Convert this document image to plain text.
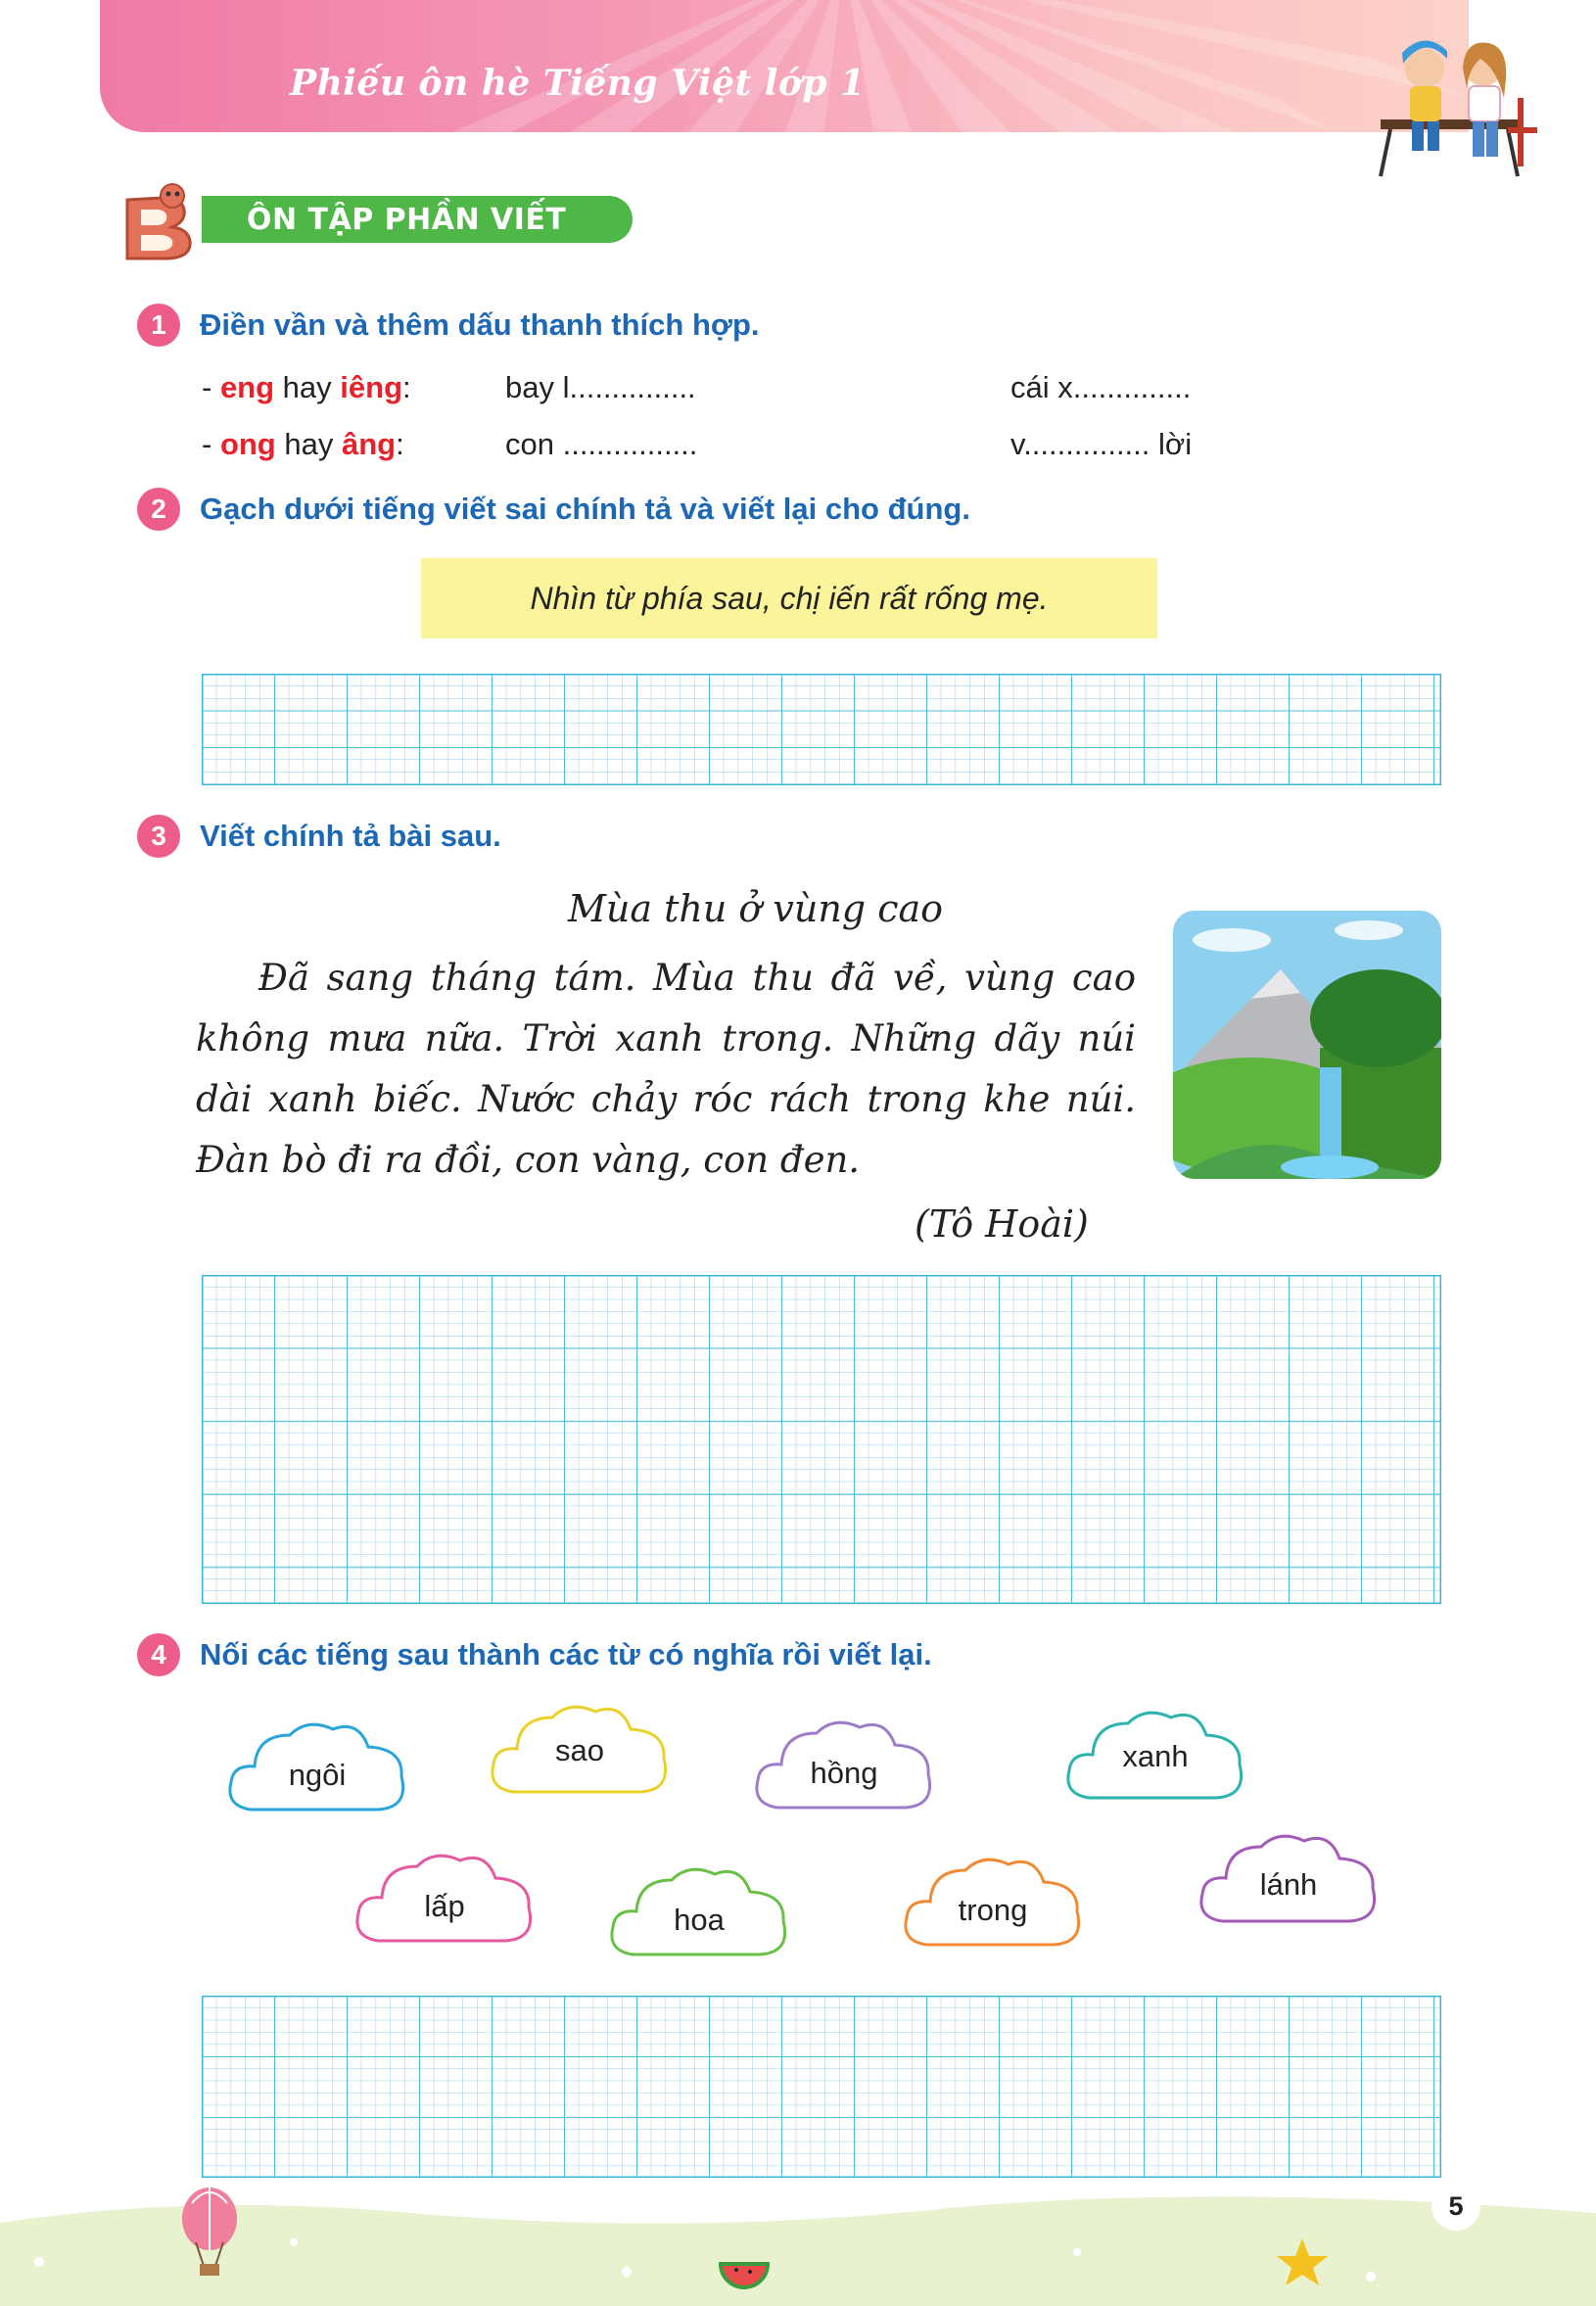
Phiếu ôn hè Tiếng Việt lớp 1
ÔN TẬP PHẦN VIẾT
1	Điền vần và thêm dấu thanh thích hợp.
- eng hay iêng:	bay l...............	cái x..............
- ong hay âng:	con ................	v............... lời
2	Gạch dưới tiếng viết sai chính tả và viết lại cho đúng.
Nhìn từ phía sau, chị iến rất rống mẹ.
3	Viết chính tả bài sau.
Mùa thu ở vùng cao
Đã sang tháng tám. Mùa thu đã về, vùng cao không mưa nữa. Trời xanh trong. Những dãy núi dài xanh biếc. Nước chảy róc rách trong khe núi. Đàn bò đi ra đồi, con vàng, con đen.
(Tô Hoài)
4	Nối các tiếng sau thành các từ có nghĩa rồi viết lại.
ngôi
sao
hồng	xanh
lấp	hoa	trong
lánh
5
